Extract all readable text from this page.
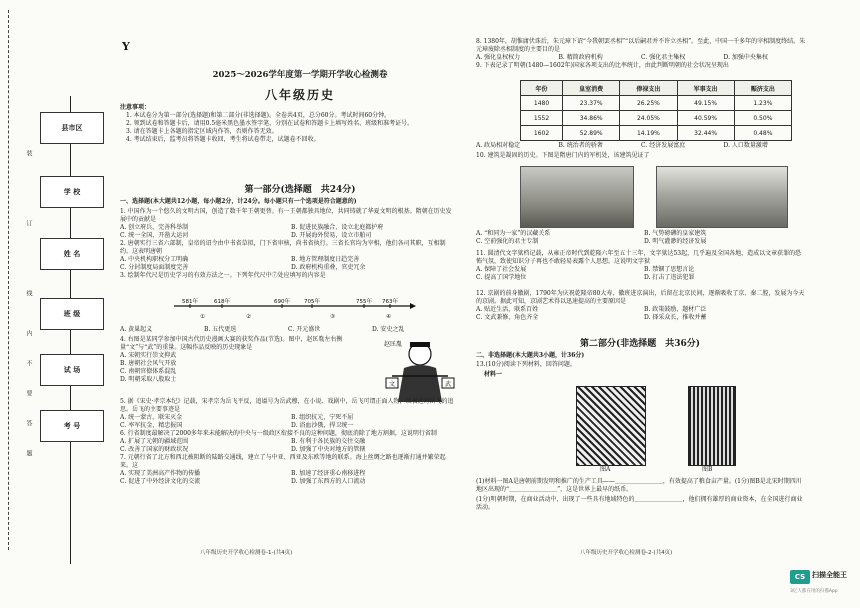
县市区
学 校
姓 名
班 级
试 场
考 号
装
订
线
内
不
要
答
题
Y
2025～2026学年度第一学期开学收心检测卷
八年级历史
注意事项：
1. 本试卷分为第一部分(选择题)和第二部分(非选择题)。全卷共4页，总分60分。考试时间60分钟。
2. 领到试卷和答题卡后，请用0.5毫米黑色墨水签字笔，分别在试卷和答题卡上填写姓名、班级和准考证号。
3. 请在答题卡上各题的指定区域内作答，否则作答无效。
4. 考试结束后，监考员将答题卡收回，考生将试卷带走，试题卷不回收。
第一部分(选择题　共24分)
一、选择题(本大题共12小题，每小题2分，计24分。每小题只有一个选项是符合题意的)
1. 中国作为一个悠久的文明古国，创造了数千年王朝更替。有一王朝都独具地位，共同铸就了华夏文明的根基。隋朝在历史发展中的贡献是
A. 创立府兵，完善科举制	B. 促进民族融合，设立北庭都护府
C. 统一全国，开凿大运河	D. 开展海外贸易，设立市舶司
2. 唐朝实行三省六部制，皇帝的诏令由中书省草拟，门下省审核，尚书省执行。三省长官均为宰相，他们各司其职，互相制约。这表明唐朝
A. 中央机构职权分工明确	B. 地方管理制度日趋完善
C. 分封制度局面制度完善	D. 政府机构重叠，官吏冗余
3. 绘制年代尺是历史学习的有效方法之一。下列年代尺中⑦处应填写的内容是
581年	618年	690年	705年	755年 763年
①	②	③	④
A. 黄巢起义	B. 五代更迭	C. 开元盛世	D. 安史之乱
4. 右图是某同学参加中国古代历史漫画大赛的获奖作品(节选)。图中，赵匡胤左右衡量“文”与“武”的重量。这幅作品反映的历史现象是
A. 宋朝实行崇文抑武
B. 唐朝社会风气开放
C. 南朝官僚体系混乱
D. 明朝采取八股取士
赵匡胤
文	武
5. 据《宋史·孝宗本纪》记载，宋孝宗为岳飞平反，追谥号为岳武穆，在小说、戏剧中，岳飞可谓正面人物，以表达对岳飞的追思。岳飞的主要事迹是
A. 统一蒙古，联宋灭金	B. 组织抗元，宁死不屈
C. 率军抗金，精忠报国	D. 浴血沙俄，捍卫统一
6. 行省制度最解决了2000多年来未能解决的中央与一级政区衔接不良的这种问题，彻底消除了地方割据，这说明行省制
A. 扩展了元朝的疆域范围	B. 有利于各民族的交往交融
C. 改善了国家的财政状况	D. 加强了中央对地方的管辖
7. 元朝行省了北方和西北被阻断的陆路交通线，建立了与中亚、西亚及东欧等地的联系。海上丝绸之路也逐渐打通并繁荣起来。这
A. 实现了美洲高产作物的传播	B. 加速了经济重心南移进程
C. 促进了中外经济文化的交流	D. 加强了东西方的人口流动
八年级历史开学收心检测卷-1-(共4页)
8. 1380年，胡惟庸伏诛后，朱元璋下诏“今我朝罢丞相”“以后嗣君并不许立丞相”。至此，中国一千多年的宰相制度终结。朱元璋废除丞相制度的主要目的是
A. 强化皇权权力	B. 精简政府机构	C. 强化君主集权	D. 加强中央集权
9. 下表记录了明朝(1480—1602年)国家各项支出的比率统计，由此判断明朝的社会状况呈现出
年份	皇室消费	俸禄支出	军事支出	赈济支出
1480	23.37%	26.25%	49.15%	1.23%
1552	34.86%	24.05%	40.59%	0.50%
1602	52.89%	14.19%	32.44%	0.48%
A. 政局相对稳定	B. 统治者的骄奢	C. 经济发展富庶	D. 人口数量激增
10. 建筑是凝固的历史。下图是隋唐门内的军机处，该建筑见证了
A. “和同为一家”的汉藏关系	B. 气势磅礴的皇家建筑
C. 空前强化的君主专制	D. 明气灌渺的经济发展
11. 圆清代文字狱档记载，从雍正帝时代到乾隆六年至五十三年，文字狱达53起，几乎遍及全国各地，造成以文章获罪的恐怖气氛，致使知识分子再也不敢轻易表露个人思想。这说明文字狱
A. 保障了社会发展	B. 禁锢了思想言论
C. 提高了国学地位	D. 打击了违法犯罪
12. 京剧的前身徽剧，1790年为庆祝乾隆帝80大寿，徽班进京演出，后留在北京民间，逐渐吸收了京、秦二腔，发展为今天的京剧。据此可知，京剧艺术得以迅速提高的主要原因是
A. 贴近生活，联系百姓	B. 政策鼓励，题材广泛
C. 文武兼修，角色齐全	D. 择采众长，推收并蓄
第二部分(非选择题　共36分)
二、非选择题(本大题共3小题，计36分)
13.(10分)阅读下列材料，回答问题。
材料一
图A	图B
(1)材料一图A是唐朝前期发明和推广的生产工具——＿＿＿＿＿＿＿＿，有效提高了粮食亩产量。(1分)图B是北宋时期四川地区出现的“＿＿＿＿＿＿＿＿”，这是世界上最早的纸币。
(1分)明朝时期，在商业活动中，出现了一些具有地域特色的＿＿＿＿＿＿＿＿，他们拥有雄厚的商业资本，在全国进行商业活动。
八年级历史开学收心检测卷-2-(共4页)
CS 扫描全能王
3亿人都在用的扫描App
